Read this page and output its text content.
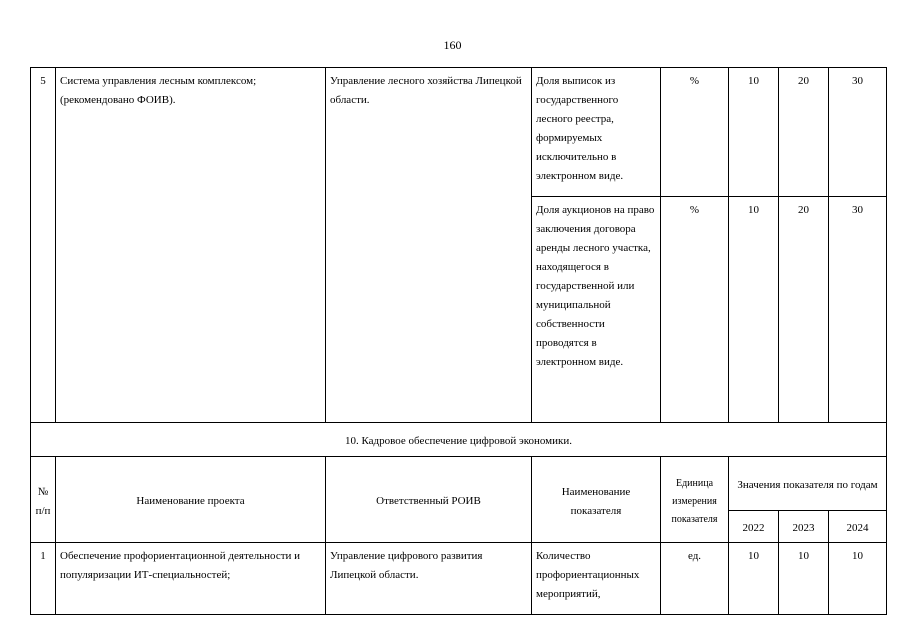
160
5	Система управления лесным комплексом; (рекомендовано ФОИВ).	Управление лесного хозяйства Липецкой области.	Доля выписок из государственного лесного реестра, формируемых исключительно в электронном виде.	%	10	20	30
			Доля аукционов на право заключения договора аренды лесного участка, находящегося в государственной или муниципальной собственности проводятся в электронном виде.	%	10	20	30
10. Кадровое обеспечение цифровой экономики.							
№ п/п	Наименование проекта	Ответственный РОИВ	Наименование показателя	Единица измерения показателя	Значения показателя по годам		
					2022	2023	2024
1	Обеспечение профориентационной деятельности и популяризации ИТ-специальностей;	Управление цифрового развития Липецкой области.	Количество профориентационных мероприятий,	ед.	10	10	10
